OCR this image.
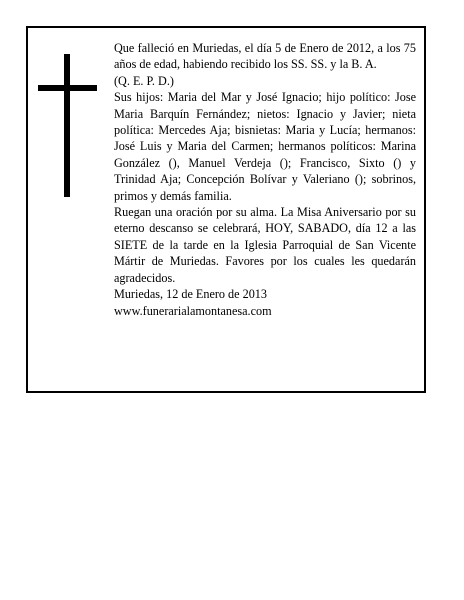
Que falleció en Muriedas, el día 5 de Enero de 2012, a los 75 años de edad, habiendo recibido los SS. SS. y la B. A.

(Q. E. P. D.)

Sus hijos: Maria del Mar y José Ignacio; hijo político: Jose Maria Barquín Fernández; nietos: Ignacio y Javier; nieta política: Mercedes Aja; bisnietas: Maria y Lucía; hermanos: José Luis y Maria del Carmen; hermanos políticos: Marina González (), Manuel Verdeja (); Francisco, Sixto () y Trinidad Aja; Concepción Bolívar y Valeriano (); sobrinos, primos y demás familia.

Ruegan una oración por su alma. La Misa Aniversario por su eterno descanso se celebrará, HOY, SABADO, día 12 a las SIETE de la tarde en la Iglesia Parroquial de San Vicente Mártir de Muriedas. Favores por los cuales les quedarán agradecidos.

Muriedas, 12 de Enero de 2013

www.funerarialamontanesa.com
